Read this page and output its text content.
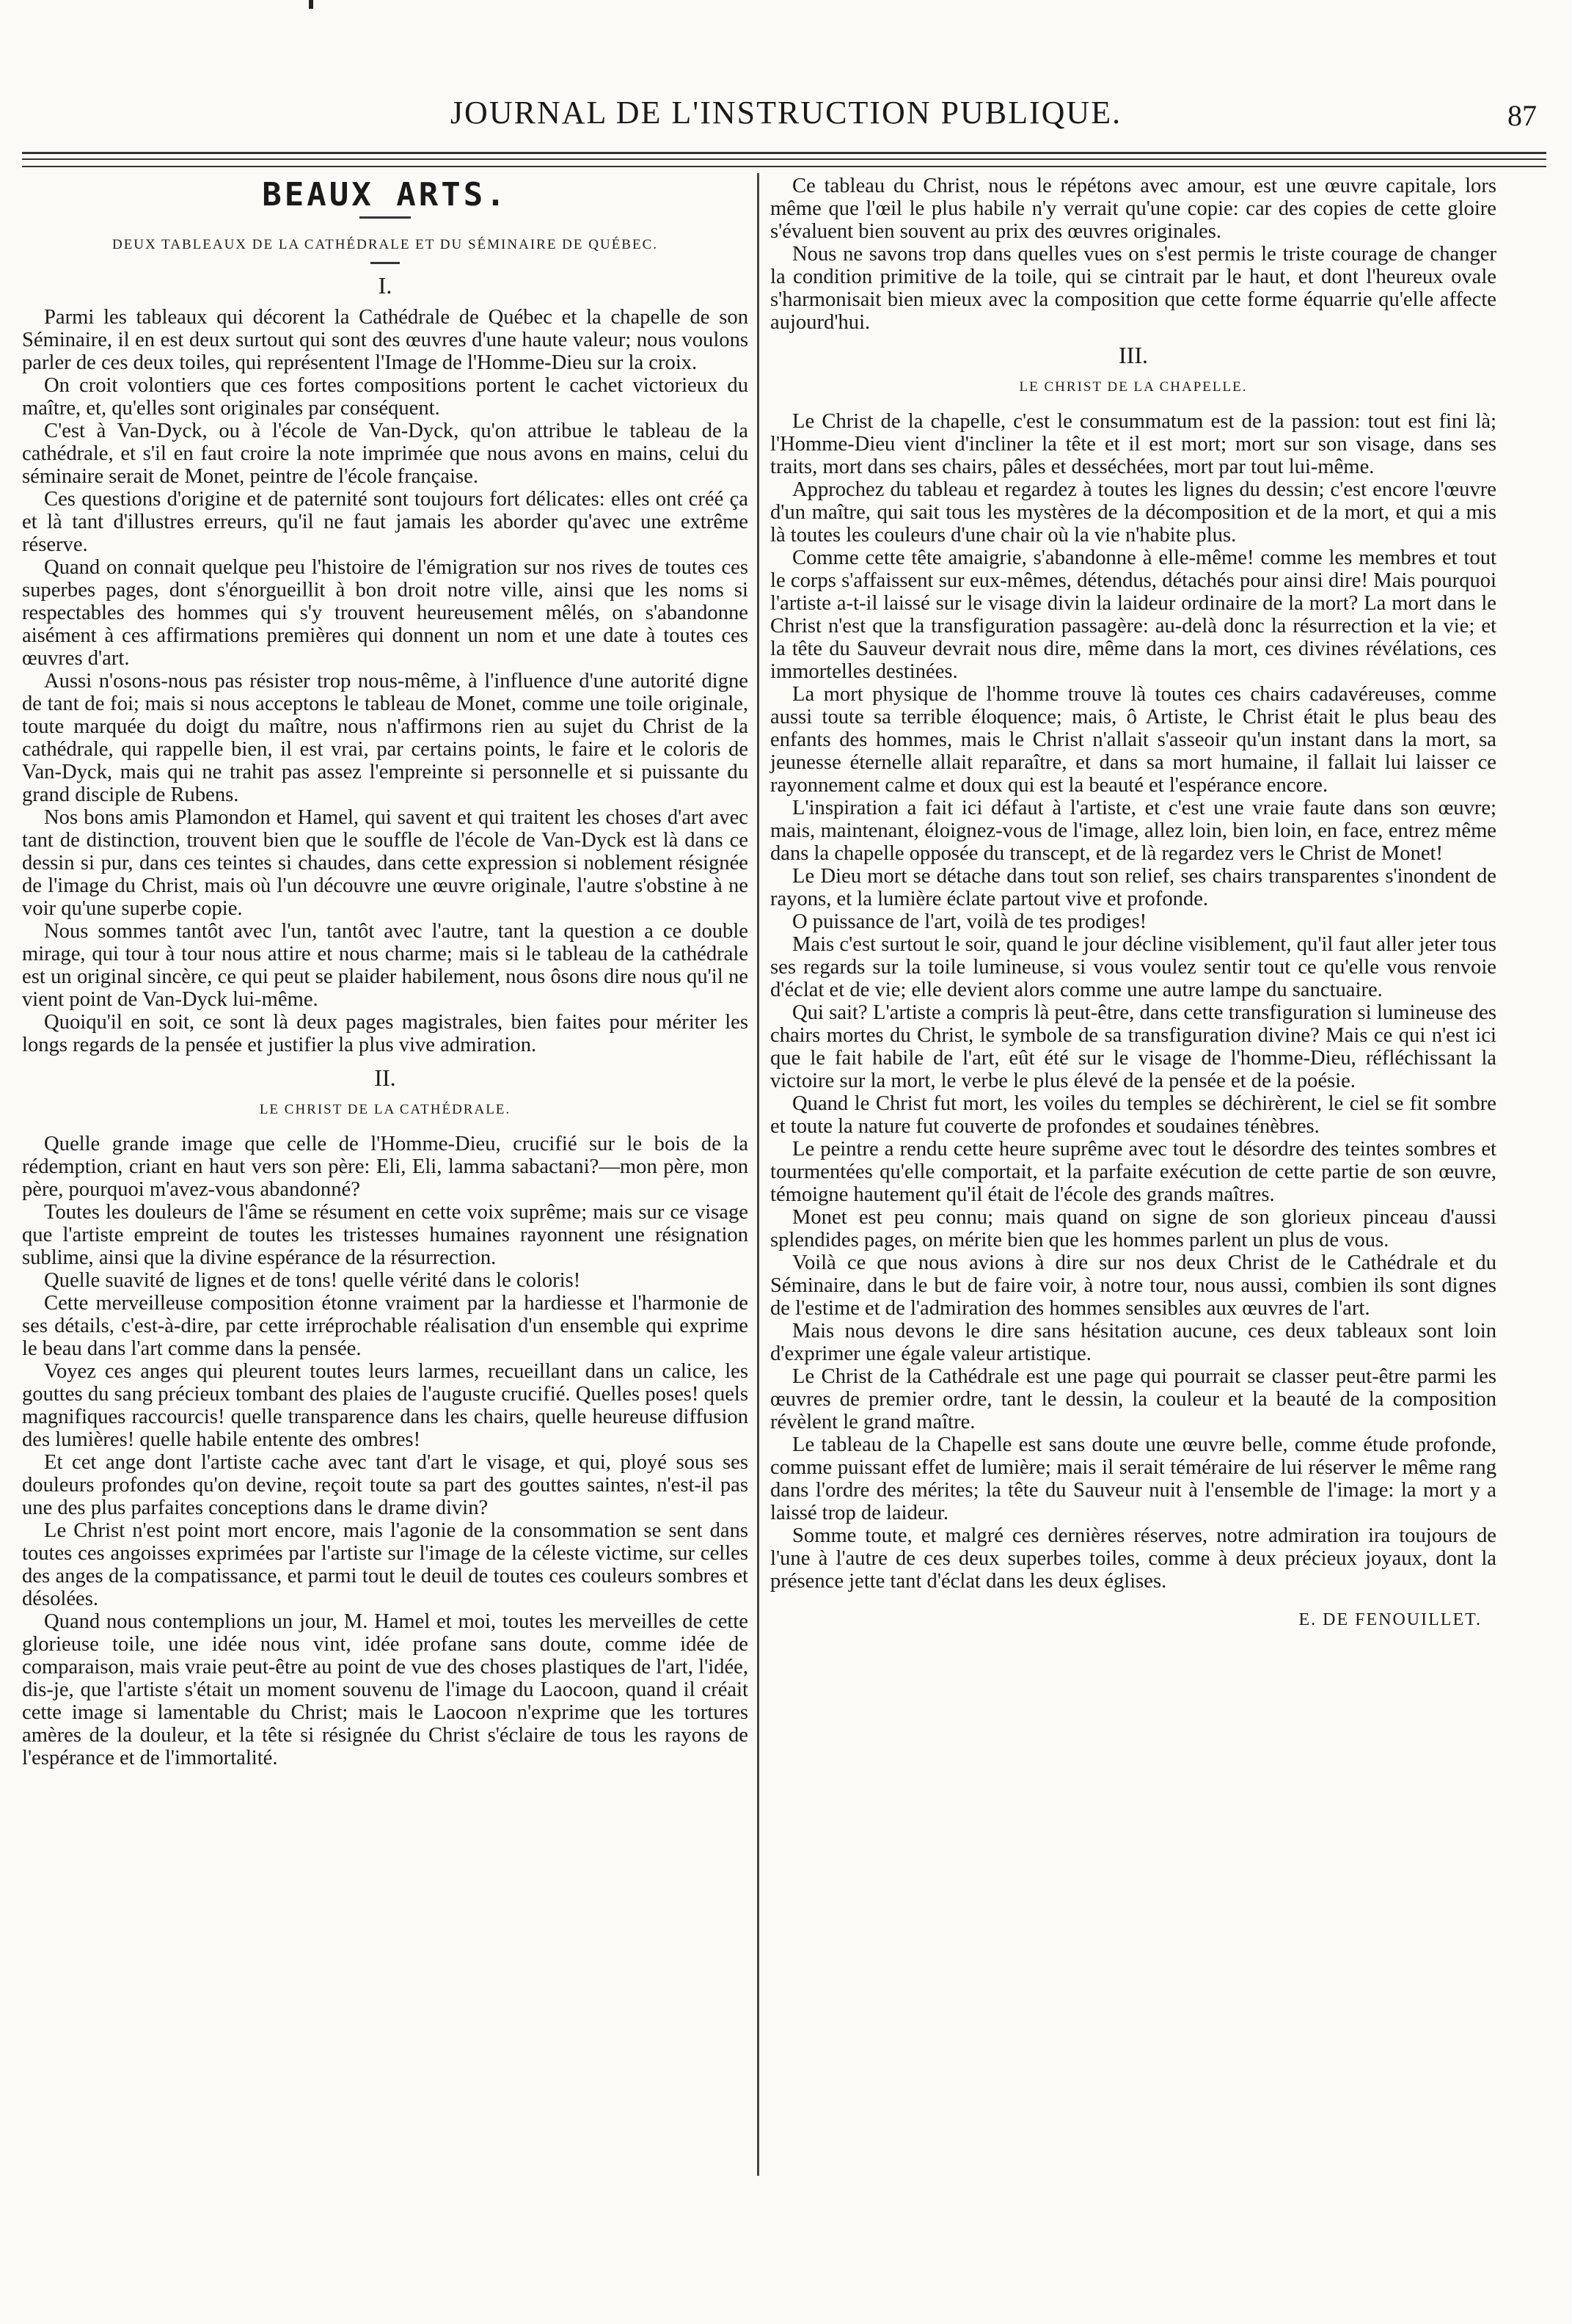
JOURNAL DE L'INSTRUCTION PUBLIQUE.	87
BEAUX ARTS.
DEUX TABLEAUX DE LA CATHÉDRALE ET DU SÉMINAIRE DE QUÉBEC.
I.

Parmi les tableaux qui décorent la Cathédrale de Québec et la chapelle de son Séminaire, il en est deux surtout qui sont des œuvres d'une haute valeur; nous voulons parler de ces deux toiles, qui représentent l'Image de l'Homme-Dieu sur la croix.

On croit volontiers que ces fortes compositions portent le cachet victorieux du maître, et, qu'elles sont originales par conséquent.

C'est à Van-Dyck, ou à l'école de Van-Dyck, qu'on attribue le tableau de la cathédrale, et s'il en faut croire la note imprimée que nous avons en mains, celui du séminaire serait de Monet, peintre de l'école française.

Ces questions d'origine et de paternité sont toujours fort délicates: elles ont créé ça et là tant d'illustres erreurs, qu'il ne faut jamais les aborder qu'avec une extrême réserve.

Quand on connait quelque peu l'histoire de l'émigration sur nos rives de toutes ces superbes pages, dont s'énorgueillit à bon droit notre ville, ainsi que les noms si respectables des hommes qui s'y trouvent heureusement mêlés, on s'abandonne aisément à ces affirmations premières qui donnent un nom et une date à toutes ces œuvres d'art.

Aussi n'osons-nous pas résister trop nous-même, à l'influence d'une autorité digne de tant de foi; mais si nous acceptons le tableau de Monet, comme une toile originale, toute marquée du doigt du maître, nous n'affirmons rien au sujet du Christ de la cathédrale, qui rappelle bien, il est vrai, par certains points, le faire et le coloris de Van-Dyck, mais qui ne trahit pas assez l'empreinte si personnelle et si puissante du grand disciple de Rubens.

Nos bons amis Plamondon et Hamel, qui savent et qui traitent les choses d'art avec tant de distinction, trouvent bien que le souffle de l'école de Van-Dyck est là dans ce dessin si pur, dans ces teintes si chaudes, dans cette expression si noblement résignée de l'image du Christ, mais où l'un découvre une œuvre originale, l'autre s'obstine à ne voir qu'une superbe copie.

Nous sommes tantôt avec l'un, tantôt avec l'autre, tant la question a ce double mirage, qui tour à tour nous attire et nous charme; mais si le tableau de la cathédrale est un original sincère, ce qui peut se plaider habilement, nous ôsons dire nous qu'il ne vient point de Van-Dyck lui-même.

Quoiqu'il en soit, ce sont là deux pages magistrales, bien faites pour mériter les longs regards de la pensée et justifier la plus vive admiration.

II.
LE CHRIST DE LA CATHÉDRALE.

Quelle grande image que celle de l'Homme-Dieu, crucifié sur le bois de la rédemption, criant en haut vers son père: Eli, Eli, lamma sabactani?—mon père, mon père, pourquoi m'avez-vous abandonné?

Toutes les douleurs de l'âme se résument en cette voix suprême; mais sur ce visage que l'artiste empreint de toutes les tristesses humaines rayonnent une résignation sublime, ainsi que la divine espérance de la résurrection.

Quelle suavité de lignes et de tons! quelle vérité dans le coloris!

Cette merveilleuse composition étonne vraiment par la hardiesse et l'harmonie de ses détails, c'est-à-dire, par cette irréprochable réalisation d'un ensemble qui exprime le beau dans l'art comme dans la pensée.

Voyez ces anges qui pleurent toutes leurs larmes, recueillant dans un calice, les gouttes du sang précieux tombant des plaies de l'auguste crucifié. Quelles poses! quels magnifiques raccourcis! quelle transparence dans les chairs, quelle heureuse diffusion des lumières! quelle habile entente des ombres!

Et cet ange dont l'artiste cache avec tant d'art le visage, et qui, ployé sous ses douleurs profondes qu'on devine, reçoit toute sa part des gouttes saintes, n'est-il pas une des plus parfaites conceptions dans le drame divin?

Le Christ n'est point mort encore, mais l'agonie de la consommation se sent dans toutes ces angoisses exprimées par l'artiste sur l'image de la céleste victime, sur celles des anges de la compatissance, et parmi tout le deuil de toutes ces couleurs sombres et désolées.

Quand nous contemplions un jour, M. Hamel et moi, toutes les merveilles de cette glorieuse toile, une idée nous vint, idée profane sans doute, comme idée de comparaison, mais vraie peut-être au point de vue des choses plastiques de l'art, l'idée, dis-je, que l'artiste s'était un moment souvenu de l'image du Laocoon, quand il créait cette image si lamentable du Christ; mais le Laocoon n'exprime que les tortures amères de la douleur, et la tête si résignée du Christ s'éclaire de tous les rayons de l'espérance et de l'immortalité.

Ce tableau du Christ, nous le répétons avec amour, est une œuvre capitale, lors même que l'œil le plus habile n'y verrait qu'une copie: car des copies de cette gloire s'évaluent bien souvent au prix des œuvres originales.

Nous ne savons trop dans quelles vues on s'est permis le triste courage de changer la condition primitive de la toile, qui se cintrait par le haut, et dont l'heureux ovale s'harmonisait bien mieux avec la composition que cette forme équarrie qu'elle affecte aujourd'hui.

III.
LE CHRIST DE LA CHAPELLE.

Le Christ de la chapelle, c'est le consummatum est de la passion: tout est fini là; l'Homme-Dieu vient d'incliner la tête et il est mort; mort sur son visage, dans ses traits, mort dans ses chairs, pâles et desséchées, mort par tout lui-même.

Approchez du tableau et regardez à toutes les lignes du dessin; c'est encore l'œuvre d'un maître, qui sait tous les mystères de la décomposition et de la mort, et qui a mis là toutes les couleurs d'une chair où la vie n'habite plus.

Comme cette tête amaigrie, s'abandonne à elle-même! comme les membres et tout le corps s'affaissent sur eux-mêmes, détendus, détachés pour ainsi dire! Mais pourquoi l'artiste a-t-il laissé sur le visage divin la laideur ordinaire de la mort? La mort dans le Christ n'est que la transfiguration passagère: au-delà donc la résurrection et la vie; et la tête du Sauveur devrait nous dire, même dans la mort, ces divines révélations, ces immortelles destinées.

La mort physique de l'homme trouve là toutes ces chairs cadavéreuses, comme aussi toute sa terrible éloquence; mais, ô Artiste, le Christ était le plus beau des enfants des hommes, mais le Christ n'allait s'asseoir qu'un instant dans la mort, sa jeunesse éternelle allait reparaître, et dans sa mort humaine, il fallait lui laisser ce rayonnement calme et doux qui est la beauté et l'espérance encore.

L'inspiration a fait ici défaut à l'artiste, et c'est une vraie faute dans son œuvre; mais, maintenant, éloignez-vous de l'image, allez loin, bien loin, en face, entrez même dans la chapelle opposée du transcept, et de là regardez vers le Christ de Monet!

Le Dieu mort se détache dans tout son relief, ses chairs transparentes s'inondent de rayons, et la lumière éclate partout vive et profonde.

O puissance de l'art, voilà de tes prodiges!

Mais c'est surtout le soir, quand le jour décline visiblement, qu'il faut aller jeter tous ses regards sur la toile lumineuse, si vous voulez sentir tout ce qu'elle vous renvoie d'éclat et de vie; elle devient alors comme une autre lampe du sanctuaire.

Qui sait? L'artiste a compris là peut-être, dans cette transfiguration si lumineuse des chairs mortes du Christ, le symbole de sa transfiguration divine? Mais ce qui n'est ici que le fait habile de l'art, eût été sur le visage de l'homme-Dieu, réfléchissant la victoire sur la mort, le verbe le plus élevé de la pensée et de la poésie.

Quand le Christ fut mort, les voiles du temples se déchirèrent, le ciel se fit sombre et toute la nature fut couverte de profondes et soudaines ténèbres.

Le peintre a rendu cette heure suprême avec tout le désordre des teintes sombres et tourmentées qu'elle comportait, et la parfaite exécution de cette partie de son œuvre, témoigne hautement qu'il était de l'école des grands maîtres.

Monet est peu connu; mais quand on signe de son glorieux pinceau d'aussi splendides pages, on mérite bien que les hommes parlent un plus de vous.

Voilà ce que nous avions à dire sur nos deux Christ de le Cathédrale et du Séminaire, dans le but de faire voir, à notre tour, nous aussi, combien ils sont dignes de l'estime et de l'admiration des hommes sensibles aux œuvres de l'art.

Mais nous devons le dire sans hésitation aucune, ces deux tableaux sont loin d'exprimer une égale valeur artistique.

Le Christ de la Cathédrale est une page qui pourrait se classer peut-être parmi les œuvres de premier ordre, tant le dessin, la couleur et la beauté de la composition révèlent le grand maître.

Le tableau de la Chapelle est sans doute une œuvre belle, comme étude profonde, comme puissant effet de lumière; mais il serait téméraire de lui réserver le même rang dans l'ordre des mérites; la tête du Sauveur nuit à l'ensemble de l'image: la mort y a laissé trop de laideur.

Somme toute, et malgré ces dernières réserves, notre admiration ira toujours de l'une à l'autre de ces deux superbes toiles, comme à deux précieux joyaux, dont la présence jette tant d'éclat dans les deux églises.

E. DE FENOUILLET.
